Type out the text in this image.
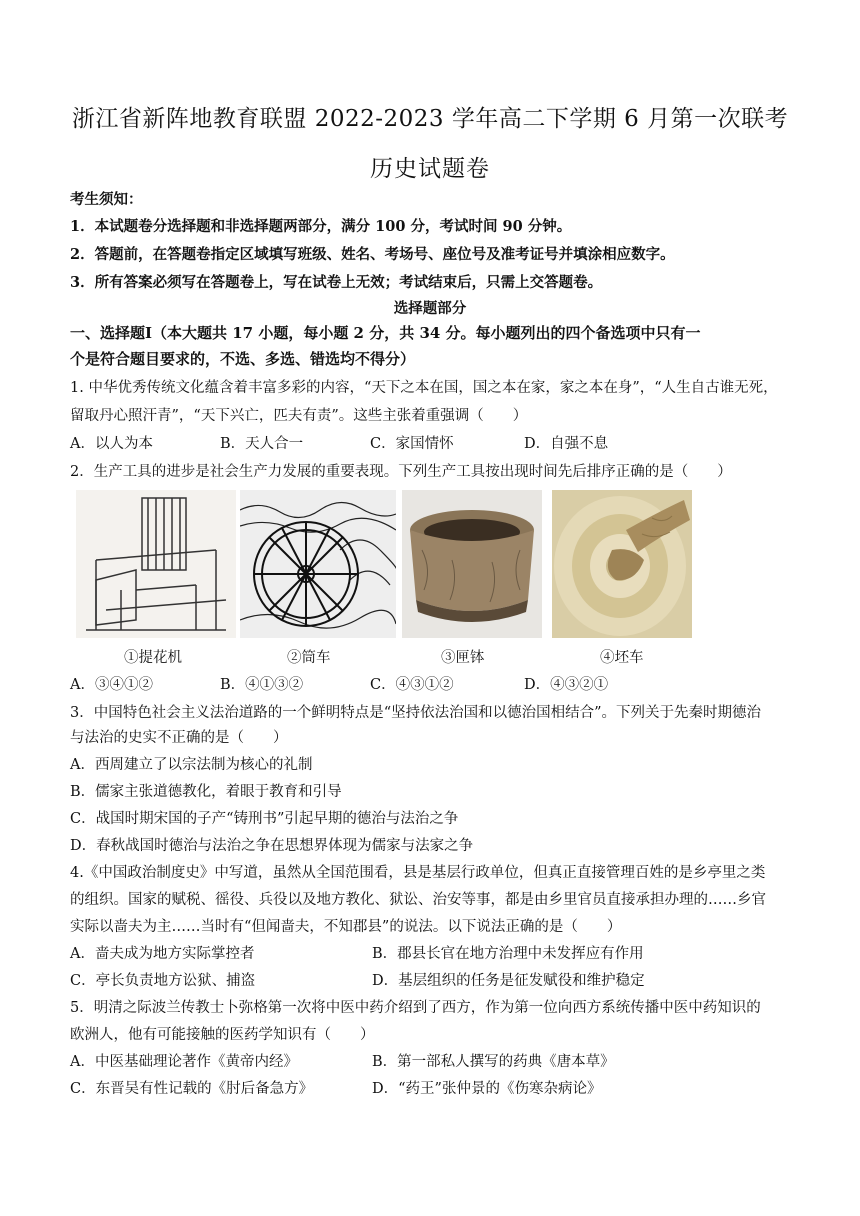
浙江省新阵地教育联盟 2022-2023 学年高二下学期 6 月第一次联考
历史试题卷
考生须知：
1．本试题卷分选择题和非选择题两部分，满分 100 分，考试时间 90 分钟。
2．答题前，在答题卷指定区域填写班级、姓名、考场号、座位号及准考证号并填涂相应数字。
3．所有答案必须写在答题卷上，写在试卷上无效；考试结束后，只需上交答题卷。
选择题部分
一、选择题Ⅰ（本大题共 17 小题，每小题 2 分，共 34 分。每小题列出的四个备选项中只有一
个是符合题目要求的，不选、多选、错选均不得分）
1. 中华优秀传统文化蕴含着丰富多彩的内容，“天下之本在国，国之本在家，家之本在身”，“人生自古谁无死，
留取丹心照汗青”，“天下兴亡，匹夫有责”。这些主张着重强调（　　）
A．以人为本	B．天人合一	C．家国情怀	D．自强不息
2．生产工具的进步是社会生产力发展的重要表现。下列生产工具按出现时间先后排序正确的是（　　）
①提花机	②筒车	③匣钵	④坯车
A．③④①②	B．④①③②	C．④③①②	D．④③②①
3．中国特色社会主义法治道路的一个鲜明特点是“坚持依法治国和以德治国相结合”。下列关于先秦时期德治
与法治的史实不正确的是（　　）
A．西周建立了以宗法制为核心的礼制
B．儒家主张道德教化，着眼于教育和引导
C．战国时期宋国的子产“铸刑书”引起早期的德治与法治之争
D．春秋战国时德治与法治之争在思想界体现为儒家与法家之争
4.《中国政治制度史》中写道，虽然从全国范围看，县是基层行政单位，但真正直接管理百姓的是乡亭里之类
的组织。国家的赋税、徭役、兵役以及地方教化、狱讼、治安等事，都是由乡里官员直接承担办理的……乡官
实际以啬夫为主……当时有“但闻啬夫，不知郡县”的说法。以下说法正确的是（　　）
A．啬夫成为地方实际掌控者	B．郡县长官在地方治理中未发挥应有作用
C．亭长负责地方讼狱、捕盗	D．基层组织的任务是征发赋役和维护稳定
5．明清之际波兰传教士卜弥格第一次将中医中药介绍到了西方，作为第一位向西方系统传播中医中药知识的
欧洲人，他有可能接触的医药学知识有（　　）
A．中医基础理论著作《黄帝内经》	B．第一部私人撰写的药典《唐本草》
C．东晋吴有性记载的《肘后备急方》	D．“药王”张仲景的《伤寒杂病论》
